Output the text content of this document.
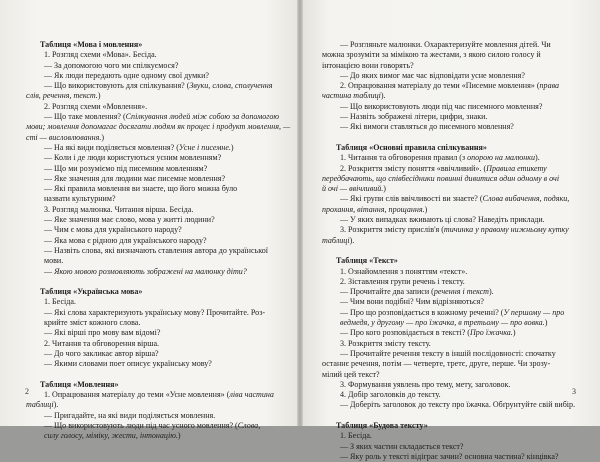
Таблиця «Мова і мовлення»
1. Розгляд схеми «Мова». Бесіда.
— За допомогою чого ми спілкуємося?
— Як люди передають одне одному свої думки?
— Що використовують для спілкування? (Звуки, слова, сполучення
слів, речення, текст.)
2. Розгляд схеми «Мовлення».
— Що таке мовлення? (Спілкування людей між собою за допомогою
мови; мовлення допомагає досягати людям як процес і продукт мовлення, —
сті — висловлювання.)
— На які види поділяється мовлення? (Усне і писемне.)
— Коли і де люди користуються усним мовленням?
— Що ми розуміємо під писемним мовленням?
— Яке значення для людини має писемне мовлення?
— Які правила мовлення ви знаєте, що його можна було
назвати культурним?
3. Розгляд малюнка. Читання вірша. Бесіда.
— Яке значення має слово, мова у житті людини?
— Чим є мова для українського народу?
— Яка мова є рідною для українського народу?
— Назвіть слова, які визначають ставлення автора до української
мови.
— Якою мовою розмовляють зображені на малюнку діти?
Таблиця «Українська мова»
1. Бесіда.
— Які слова характеризують українську мову? Прочитайте. Роз-
крийте зміст кожного слова.
— Які вірші про мову вам відомі?
2. Читання та обговорення вірша.
— До чого закликає автор вірша?
— Якими словами поет описує українську мову?
Таблиця «Мовлення»
1. Опрацювання матеріалу до теми «Усне мовлення» (ліва частина
таблиці).
— Пригадайте, на які види поділяється мовлення.
— Що використовують люди під час усного мовлення? (Слова,
силу голосу, міміку, жести, інтонацію.)
2
— Розгляньте малюнки. Охарактеризуйте мовлення дітей. Чи
можна зрозуміти за мімікою та жестами, з якою силою голосу й
інтонацією вони говорять?
— До яких вимог має час відповідати усне мовлення?
2. Опрацювання матеріалу до теми «Писемне мовлення» (права
частина таблиці).
— Що використовують люди під час писемного мовлення?
— Назвіть зображені літери, цифри, знаки.
— Які вимоги ставляться до писемного мовлення?
Таблиця «Основні правила спілкування»
1. Читання та обговорення правил (з опорою на малюнки).
2. Розкриття змісту поняття «ввічливий». (Правила етикету
передбачають, що співбесідники повинні дивитися один одному в очі
й очі — ввічливий.)
— Які групи слів ввічливості ви знаєте? (Слова вибачення, подяки,
прохання, вітання, прощання.)
— У яких випадках вживають ці слова? Наведіть приклади.
3. Розкриття змісту прислів'я (тичинка у правому нижньому кутку
таблиці).
Таблиця «Текст»
1. Ознайомлення з поняттям «текст».
2. Зіставлення групи речень і тексту.
— Прочитайте два записи (речення і текст).
— Чим вони подібні? Чим відрізняються?
— Про що розповідається в кожному реченні? (У першому — про
ведмедя, у другому — про їжачка, в третьому — про вовка.)
— Про кого розповідається в тексті? (Про їжачка.)
3. Розкриття змісту тексту.
— Прочитайте речення тексту в іншій послідовності: спочатку
останнє речення, потім — четверте, третє, друге, перше. Чи зрозу-
мілий цей текст?
3. Формування уявлень про тему, мету, заголовок.
4. Добір заголовків до тексту.
— Доберіть заголовок до тексту про їжачка. Обґрунтуйте свій вибір.
Таблиця «Будова тексту»
1. Бесіда.
— З яких частин складається текст?
— Яку роль у тексті відіграє зачин? основна частина? кінцівка?
3
